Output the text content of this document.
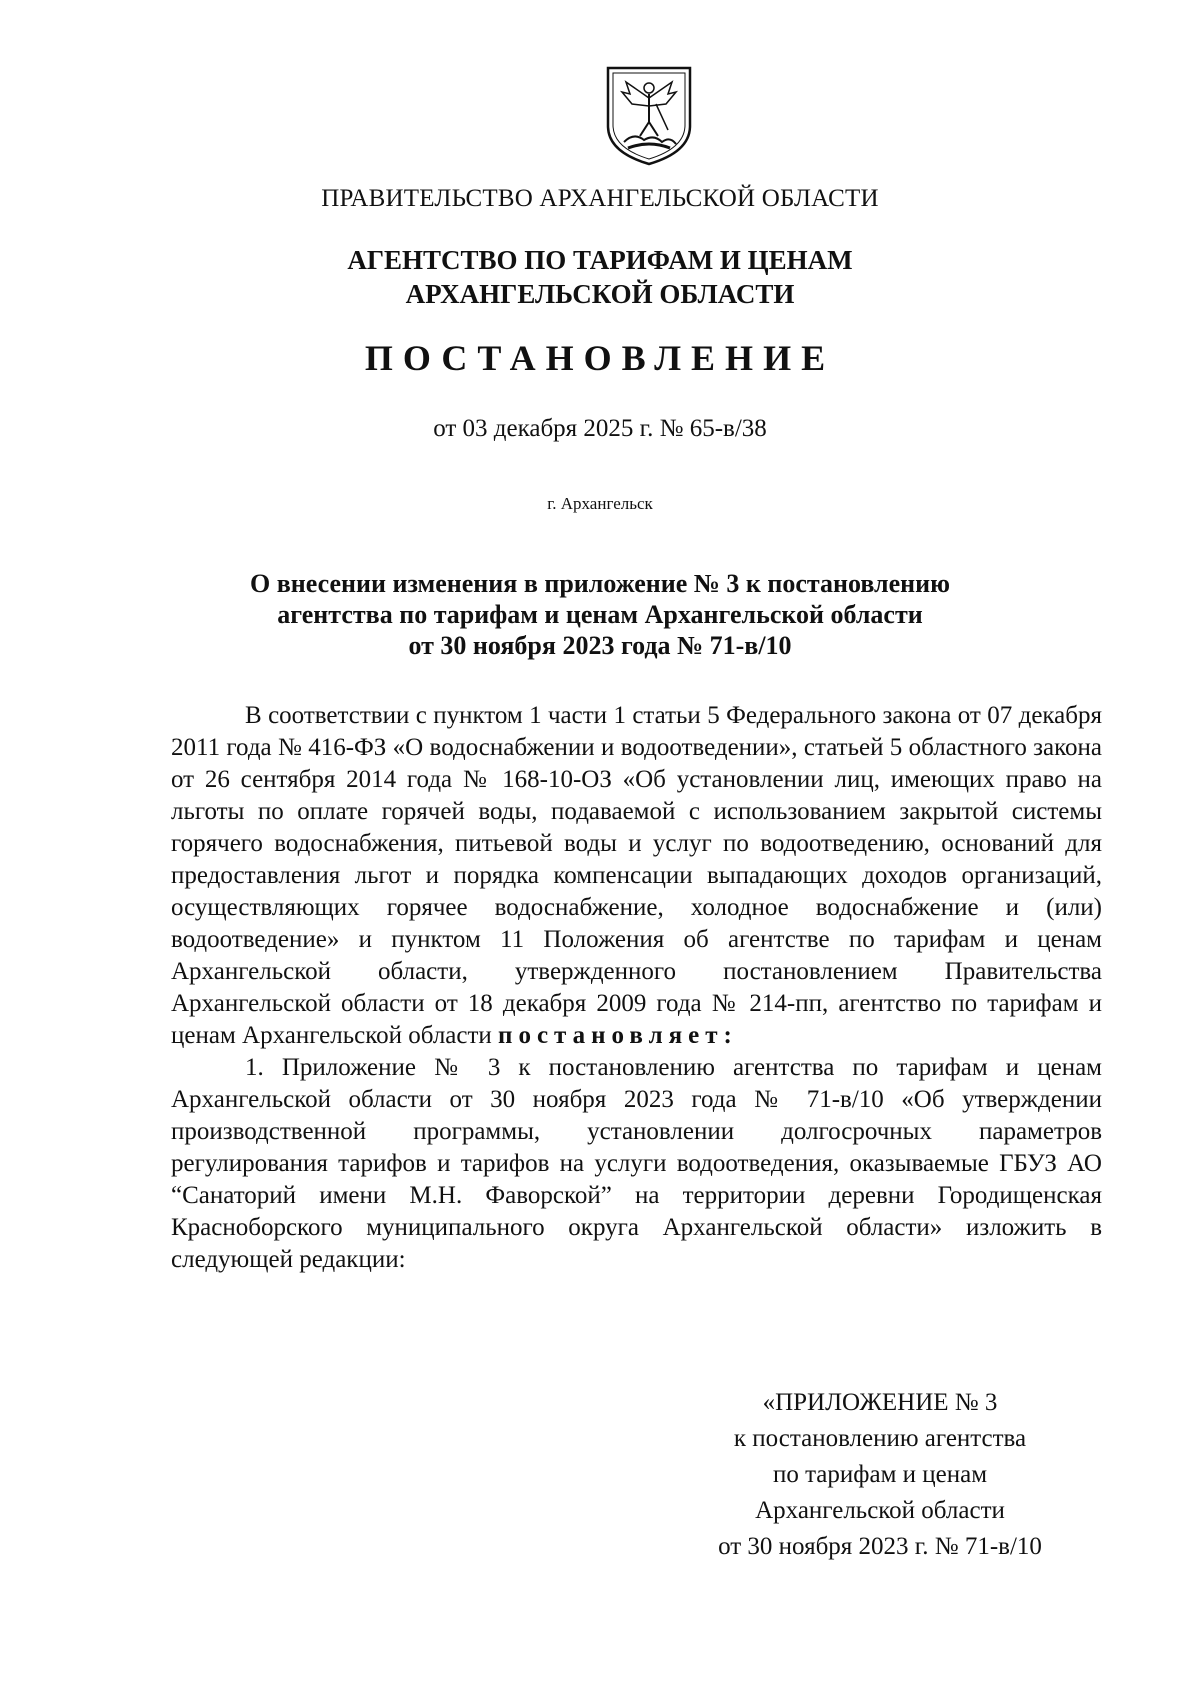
ПРАВИТЕЛЬСТВО АРХАНГЕЛЬСКОЙ ОБЛАСТИ
АГЕНТСТВО ПО ТАРИФАМ И ЦЕНАМ
АРХАНГЕЛЬСКОЙ ОБЛАСТИ
ПОСТАНОВЛЕНИЕ
от 03 декабря 2025 г. № 65-в/38
г. Архангельск
О внесении изменения в приложение № 3 к постановлению
агентства по тарифам и ценам Архангельской области
от 30 ноября 2023 года № 71-в/10

В соответствии с пунктом 1 части 1 статьи 5 Федерального закона от 07 декабря 2011 года № 416-ФЗ «О водоснабжении и водоотведении», статьей 5 областного закона от 26 сентября 2014 года № 168-10-ОЗ «Об установлении лиц, имеющих право на льготы по оплате горячей воды, подаваемой с использованием закрытой системы горячего водоснабжения, питьевой воды и услуг по водоотведению, оснований для предоставления льгот и порядка компенсации выпадающих доходов организаций, осуществляющих горячее водоснабжение, холодное водоснабжение и (или) водоотведение» и пунктом 11 Положения об агентстве по тарифам и ценам Архангельской области, утвержденного постановлением Правительства Архангельской области от 18 декабря 2009 года № 214-пп, агентство по тарифам и ценам Архангельской области постановляет:

1. Приложение № 3 к постановлению агентства по тарифам и ценам Архангельской области от 30 ноября 2023 года № 71-в/10 «Об утверждении производственной программы, установлении долгосрочных параметров регулирования тарифов и тарифов на услуги водоотведения, оказываемые ГБУЗ АО “Санаторий имени М.Н. Фаворской” на территории деревни Городищенская Красноборского муниципального округа Архангельской области» изложить в следующей редакции:

«ПРИЛОЖЕНИЕ № 3
к постановлению агентства
по тарифам и ценам
Архангельской области
от 30 ноября 2023 г. № 71-в/10
